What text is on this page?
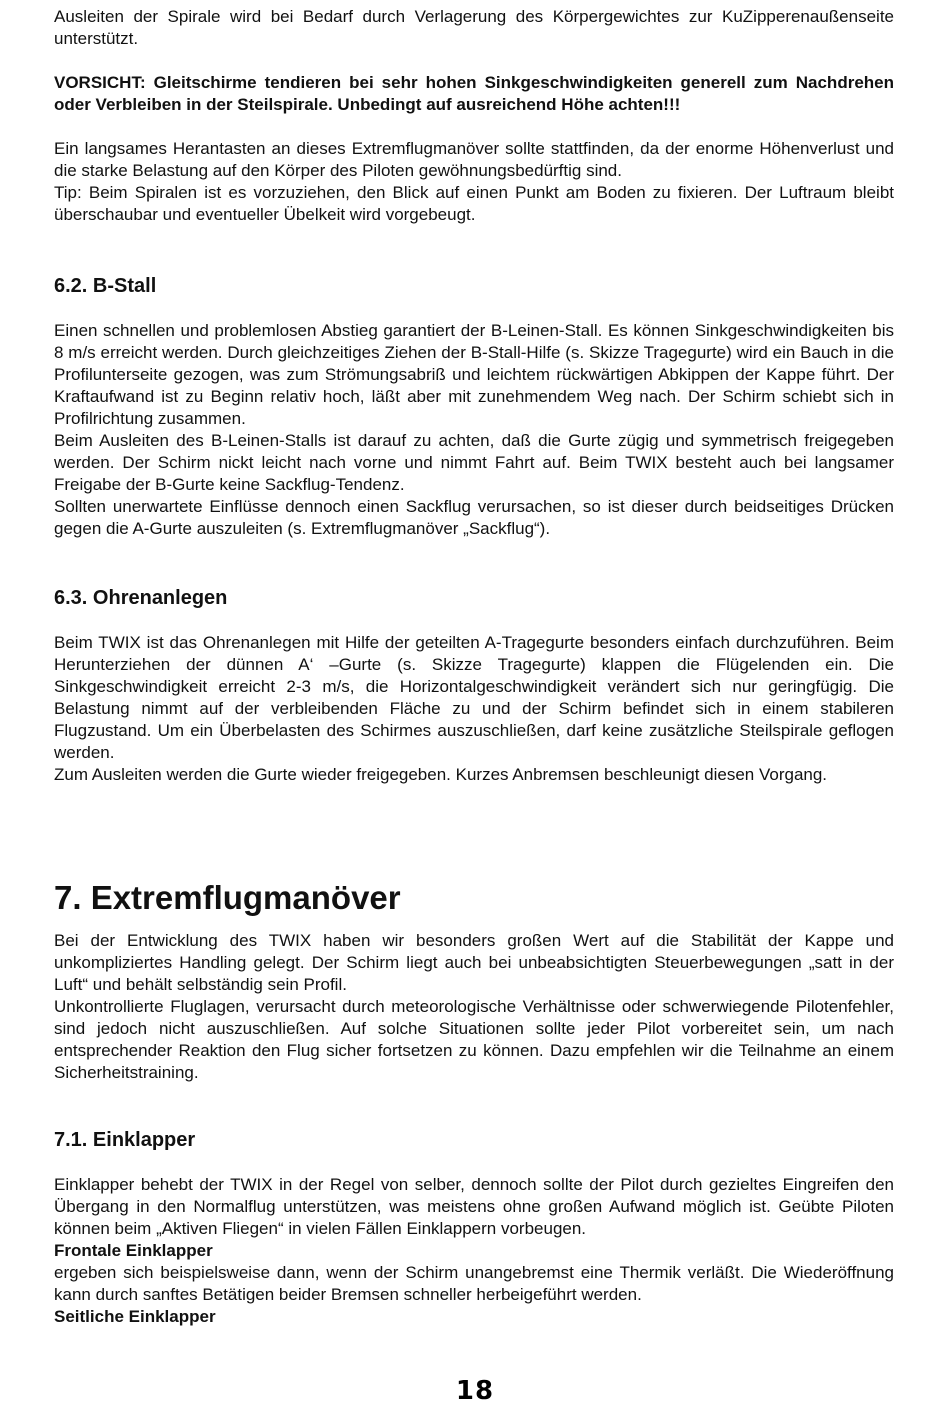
Ausleiten der Spirale wird bei Bedarf durch Verlagerung des Körpergewichtes zur KuZipperenaußenseite unterstützt.

VORSICHT: Gleitschirme tendieren bei sehr hohen Sinkgeschwindigkeiten generell zum Nachdrehen oder Verbleiben in der Steilspirale. Unbedingt auf ausreichend Höhe achten!!!

Ein langsames Herantasten an dieses Extremflugmanöver sollte stattfinden, da der enorme Höhenverlust und die starke Belastung auf den Körper des Piloten gewöhnungsbedürftig sind.

Tip: Beim Spiralen ist es vorzuziehen, den Blick auf einen Punkt am Boden zu fixieren. Der Luftraum bleibt überschaubar und eventueller Übelkeit wird vorgebeugt.

6.2. B-Stall

Einen schnellen und problemlosen Abstieg garantiert der B-Leinen-Stall. Es können Sinkgeschwindigkeiten bis 8 m/s erreicht werden. Durch gleichzeitiges Ziehen der B-Stall-Hilfe (s. Skizze Tragegurte) wird ein Bauch in die Profilunterseite gezogen, was zum Strömungsabriß und leichtem rückwärtigen Abkippen der Kappe führt. Der Kraftaufwand ist zu Beginn relativ hoch, läßt aber mit zunehmendem Weg nach. Der Schirm schiebt sich in Profilrichtung zusammen.

Beim Ausleiten des B-Leinen-Stalls ist darauf zu achten, daß die Gurte zügig und symmetrisch freigegeben werden. Der Schirm nickt leicht nach vorne und nimmt Fahrt auf. Beim TWIX besteht auch bei langsamer Freigabe der B-Gurte keine Sackflug-Tendenz.

Sollten unerwartete Einflüsse dennoch einen Sackflug verursachen, so ist dieser durch beidseitiges Drücken gegen die A-Gurte auszuleiten (s. Extremflugmanöver „Sackflug“).

6.3. Ohrenanlegen

Beim TWIX ist das Ohrenanlegen mit Hilfe der geteilten A-Tragegurte besonders einfach durchzuführen. Beim Herunterziehen der dünnen A‘ –Gurte (s. Skizze Tragegurte) klappen die Flügelenden ein. Die Sinkgeschwindigkeit erreicht 2-3 m/s, die Horizontalgeschwindigkeit verändert sich nur geringfügig. Die Belastung nimmt auf der verbleibenden Fläche zu und der Schirm befindet sich in einem stabileren Flugzustand. Um ein Überbelasten des Schirmes auszuschließen, darf keine zusätzliche Steilspirale geflogen werden.

Zum Ausleiten werden die Gurte wieder freigegeben. Kurzes Anbremsen beschleunigt diesen Vorgang.

7. Extremflugmanöver

Bei der Entwicklung des TWIX haben wir besonders großen Wert auf die Stabilität der Kappe und unkompliziertes Handling gelegt. Der Schirm liegt auch bei unbeabsichtigten Steuerbewegungen „satt in der Luft“ und behält selbständig sein Profil.

Unkontrollierte Fluglagen, verursacht durch meteorologische Verhältnisse oder schwerwiegende Pilotenfehler, sind jedoch nicht auszuschließen. Auf solche Situationen sollte jeder Pilot vorbereitet sein, um nach entsprechender Reaktion den Flug sicher fortsetzen zu können. Dazu empfehlen wir die Teilnahme an einem Sicherheitstraining.

7.1. Einklapper

Einklapper behebt der TWIX in der Regel von selber, dennoch sollte der Pilot durch gezieltes Eingreifen den Übergang in den Normalflug unterstützen, was meistens ohne großen Aufwand möglich ist. Geübte Piloten können beim „Aktiven Fliegen“ in vielen Fällen Einklappern vorbeugen.

Frontale Einklapper

ergeben sich beispielsweise dann, wenn der Schirm unangebremst eine Thermik verläßt. Die Wiederöffnung kann durch sanftes Betätigen beider Bremsen schneller herbeigeführt werden.

Seitliche Einklapper

18
